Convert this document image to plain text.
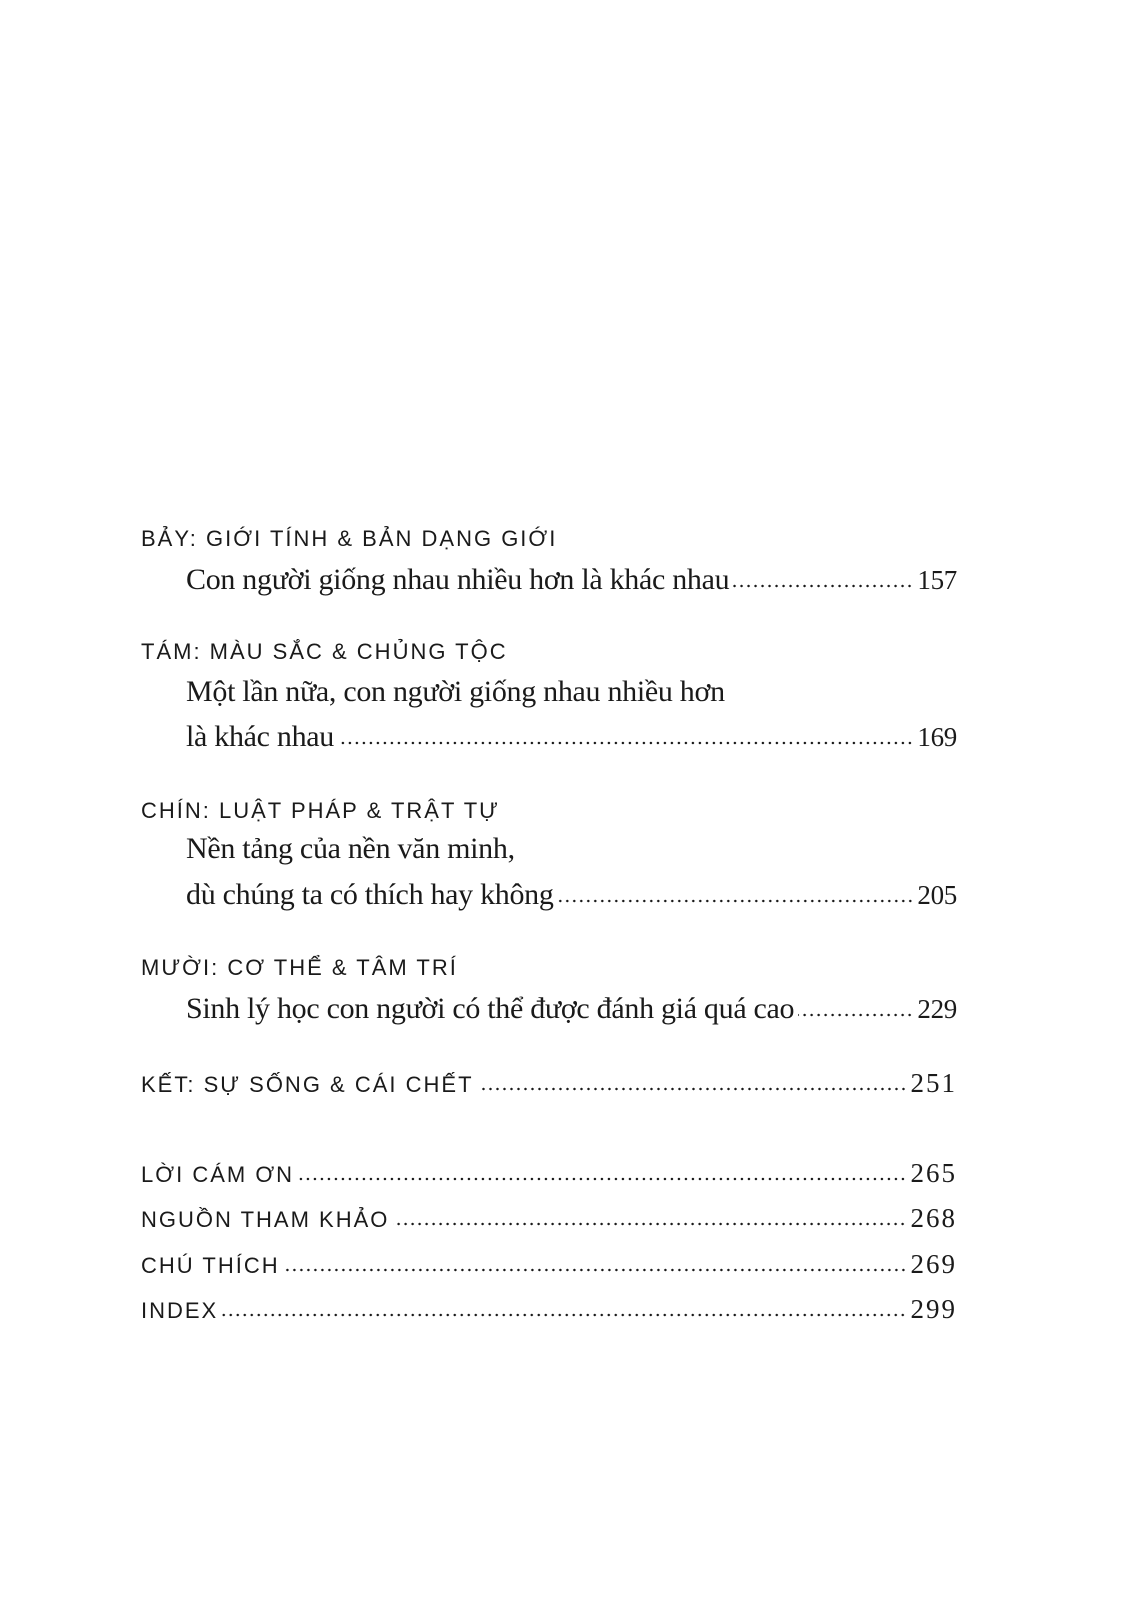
BẢY: GIỚI TÍNH & BẢN DẠNG GIỚI
Con người giống nhau nhiều hơn là khác nhau	157
TÁM: MÀU SẮC & CHỦNG TỘC
Một lần nữa, con người giống nhau nhiều hơn
là khác nhau	169
CHÍN: LUẬT PHÁP & TRẬT TỰ
Nền tảng của nền văn minh,
dù chúng ta có thích hay không	205
MƯỜI: CƠ THỂ & TÂM TRÍ
Sinh lý học con người có thể được đánh giá quá cao	229
KẾT: SỰ SỐNG & CÁI CHẾT	251
LỜI CÁM ƠN	265
NGUỒN THAM KHẢO	268
CHÚ THÍCH	269
INDEX	299
